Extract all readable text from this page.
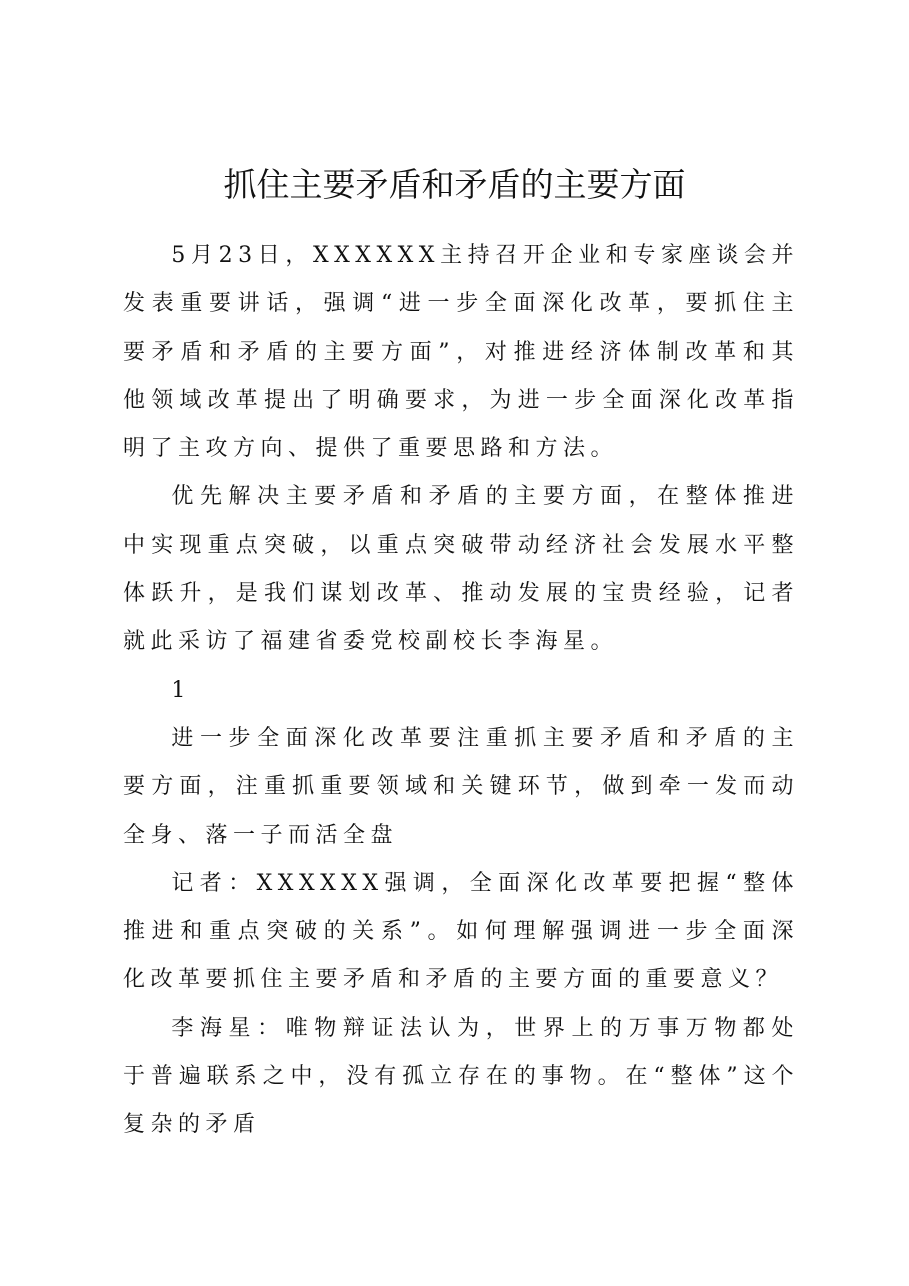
抓住主要矛盾和矛盾的主要方面

5月23日，XXXXXX主持召开企业和专家座谈会并发表重要讲话，强调“进一步全面深化改革，要抓住主要矛盾和矛盾的主要方面”，对推进经济体制改革和其他领域改革提出了明确要求，为进一步全面深化改革指明了主攻方向、提供了重要思路和方法。

优先解决主要矛盾和矛盾的主要方面，在整体推进中实现重点突破，以重点突破带动经济社会发展水平整体跃升，是我们谋划改革、推动发展的宝贵经验，记者就此采访了福建省委党校副校长李海星。

1

进一步全面深化改革要注重抓主要矛盾和矛盾的主要方面，注重抓重要领域和关键环节，做到牵一发而动全身、落一子而活全盘

记者：XXXXXX强调，全面深化改革要把握“整体推进和重点突破的关系”。如何理解强调进一步全面深化改革要抓住主要矛盾和矛盾的主要方面的重要意义？

李海星：唯物辩证法认为，世界上的万事万物都处于普遍联系之中，没有孤立存在的事物。在“整体”这个复杂的矛盾
